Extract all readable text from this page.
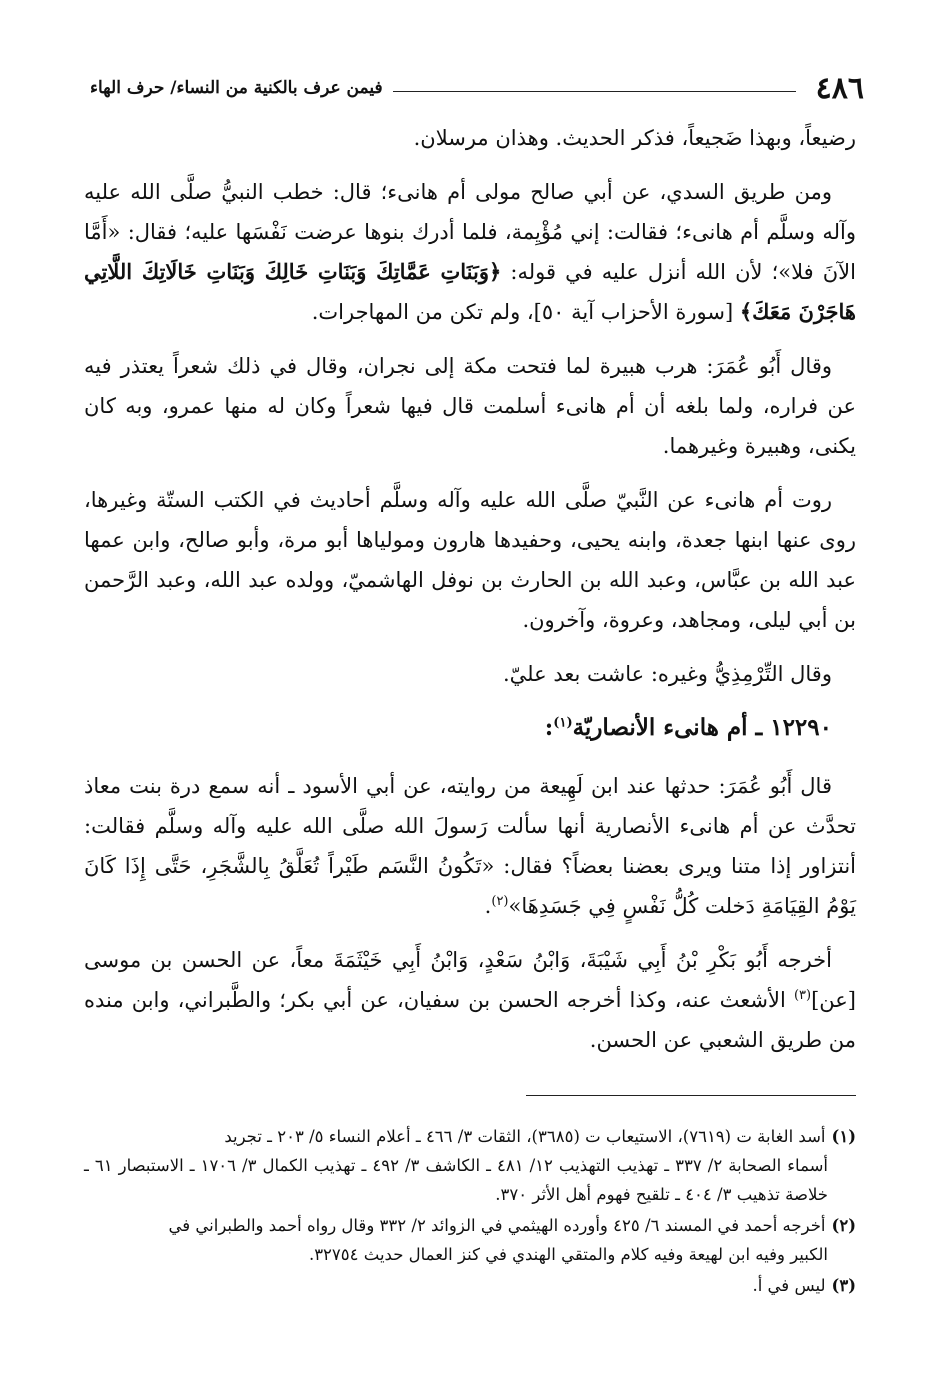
٤٨٦
فيمن عرف بالكنية من النساء/ حرف الهاء

رضيعاً، وبهذا ضَجيعاً، فذكر الحديث. وهذان مرسلان.

ومن طريق السدي، عن أبي صالح مولى أم هانىء؛ قال: خطب النبيُّ صلَّى الله عليه وآله وسلَّم أم هانىء؛ فقالت: إني مُؤْيِمة، فلما أدرك بنوها عرضت نَفْسَها عليه؛ فقال: «أَمَّا الآنَ فلا»؛ لأن الله أنزل عليه في قوله: ﴿وَبَنَاتِ عَمَّاتِكَ وَبَنَاتِ خَالِكَ وَبَنَاتِ خَالَاتِكَ اللَّاتِي هَاجَرْنَ مَعَكَ﴾ [سورة الأحزاب آية ٥٠]، ولم تكن من المهاجرات.

وقال أَبُو عُمَرَ: هرب هبيرة لما فتحت مكة إلى نجران، وقال في ذلك شعراً يعتذر فيه عن فراره، ولما بلغه أن أم هانىء أسلمت قال فيها شعراً وكان له منها عمرو، وبه كان يكنى، وهبيرة وغيرهما.

روت أم هانىء عن النَّبيّ صلَّى الله عليه وآله وسلَّم أحاديث في الكتب الستّة وغيرها، روى عنها ابنها جعدة، وابنه يحيى، وحفيدها هارون ومولياها أبو مرة، وأبو صالح، وابن عمها عبد الله بن عبَّاس، وعبد الله بن الحارث بن نوفل الهاشميّ، وولده عبد الله، وعبد الرَّحمن بن أبي ليلى، ومجاهد، وعروة، وآخرون.

وقال التِّرْمِذِيُّ وغيره: عاشت بعد عليّ.

١٢٢٩٠ ـ أم هانىء الأنصاريّة$^{(١)}$:

قال أَبُو عُمَرَ: حدثها عند ابن لَهِيعة من روايته، عن أبي الأسود ـ أنه سمع درة بنت معاذ تحدَّث عن أم هانىء الأنصارية أنها سألت رَسولَ الله صلَّى الله عليه وآله وسلَّم فقالت: أنتزاور إذا متنا ويرى بعضنا بعضاً؟ فقال: «تَكُونُ النَّسَم طَيْراً تُعَلَّقُ بِالشَّجَرِ، حَتَّى إِذَا كَانَ يَوْمُ القِيَامَةِ دَخلت كُلُّ نَفْسٍ فِي جَسَدِهَا»$^{(٢)}$.

أخرجه أَبُو بَكْرِ بْنُ أَبِي شَيْبَةَ، وَابْنُ سَعْدٍ، وَابْنُ أَبِي خَيْثَمَةَ معاً، عن الحسن بن موسى [عن]$^{(٣)}$ الأشعث عنه، وكذا أخرجه الحسن بن سفيان، عن أبي بكر؛ والطَّبراني، وابن منده من طريق الشعبي عن الحسن.

(١)أسد الغابة ت (٧٦١٩)، الاستيعاب ت (٣٦٨٥)، الثقات ٣/ ٤٦٦ ـ أعلام النساء ٥/ ٢٠٣ ـ تجريد
أسماء الصحابة ٢/ ٣٣٧ ـ تهذيب التهذيب ١٢/ ٤٨١ ـ الكاشف ٣/ ٤٩٢ ـ تهذيب الكمال ٣/ ١٧٠٦ ـ الاستبصار ٦١ ـ خلاصة تذهيب ٣/ ٤٠٤ ـ تلقيح فهوم أهل الأثر ٣٧٠.
(٢)أخرجه أحمد في المسند ٦/ ٤٢٥ وأورده الهيثمي في الزوائد ٢/ ٣٣٢ وقال رواه أحمد والطبراني في
الكبير وفيه ابن لهيعة وفيه كلام والمتقي الهندي في كنز العمال حديث ٣٢٧٥٤.
(٣)ليس في أ.
